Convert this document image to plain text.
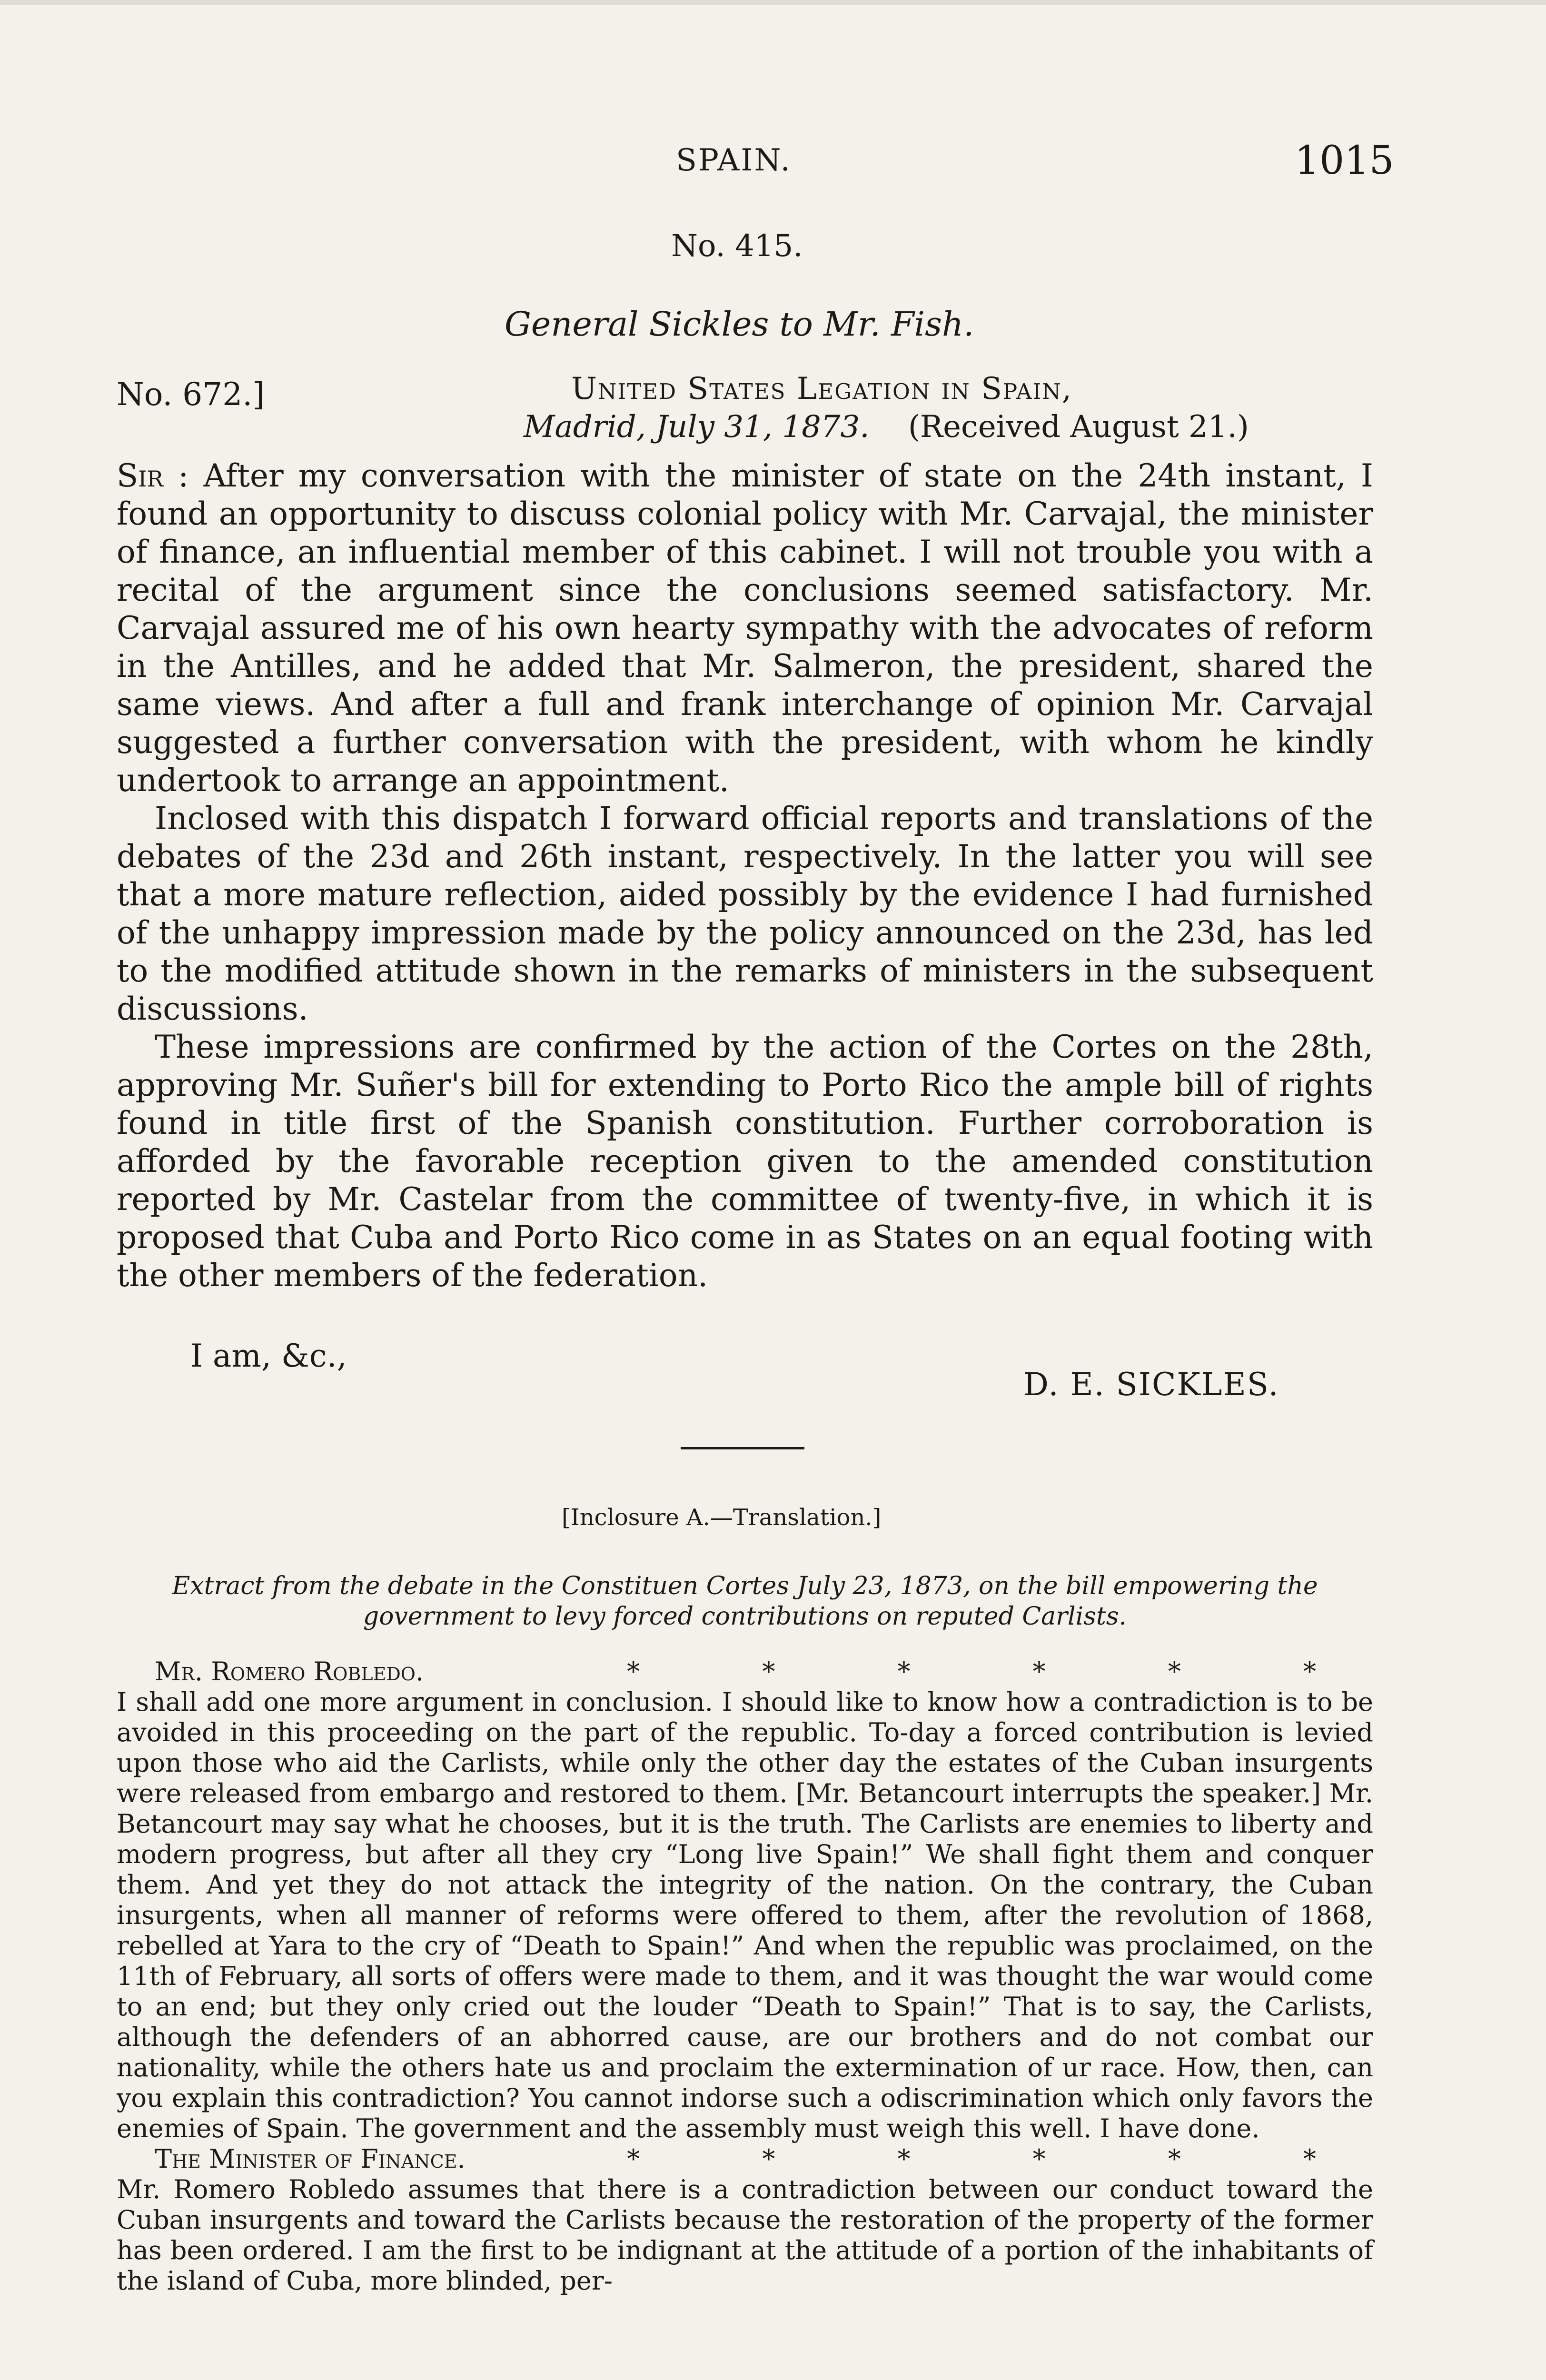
SPAIN.	1015
No. 415.
General Sickles to Mr. Fish.
No. 672.]	United States Legation in Spain,
Madrid, July 31, 1873. (Received August 21.)

Sir : After my conversation with the minister of state on the 24th instant, I found an opportunity to discuss colonial policy with Mr. Carvajal, the minister of finance, an influential member of this cabinet. I will not trouble you with a recital of the argument since the conclusions seemed satisfactory. Mr. Carvajal assured me of his own hearty sympathy with the advocates of reform in the Antilles, and he added that Mr. Salmeron, the president, shared the same views. And after a full and frank interchange of opinion Mr. Carvajal suggested a further conversation with the president, with whom he kindly undertook to arrange an appointment.

Inclosed with this dispatch I forward official reports and translations of the debates of the 23d and 26th instant, respectively. In the latter you will see that a more mature reflection, aided possibly by the evidence I had furnished of the unhappy impression made by the policy announced on the 23d, has led to the modified attitude shown in the remarks of ministers in the subsequent discussions.

These impressions are confirmed by the action of the Cortes on the 28th, approving Mr. Suñer's bill for extending to Porto Rico the ample bill of rights found in title first of the Spanish constitution. Further corroboration is afforded by the favorable reception given to the amended constitution reported by Mr. Castelar from the committee of twenty-five, in which it is proposed that Cuba and Porto Rico come in as States on an equal footing with the other members of the federation.

I am, &c.,
D. E. SICKLES.
[Inclosure A.—Translation.]
Extract from the debate in the Constituen Cortes July 23, 1873, on the bill empowering the government to levy forced contributions on reputed Carlists.

Mr. Romero Robledo.	* * * * * *

I shall add one more argument in conclusion. I should like to know how a contradiction is to be avoided in this proceeding on the part of the republic. To-day a forced contribution is levied upon those who aid the Carlists, while only the other day the estates of the Cuban insurgents were released from embargo and restored to them. [Mr. Betancourt interrupts the speaker.] Mr. Betancourt may say what he chooses, but it is the truth. The Carlists are enemies to liberty and modern progress, but after all they cry “Long live Spain!” We shall fight them and conquer them. And yet they do not attack the integrity of the nation. On the contrary, the Cuban insurgents, when all manner of reforms were offered to them, after the revolution of 1868, rebelled at Yara to the cry of “Death to Spain!” And when the republic was proclaimed, on the 11th of February, all sorts of offers were made to them, and it was thought the war would come to an end; but they only cried out the louder “Death to Spain!” That is to say, the Carlists, although the defenders of an abhorred cause, are our brothers and do not combat our nationality, while the others hate us and proclaim the extermination of ur race. How, then, can you explain this contradiction? You cannot indorse such a odiscrimination which only favors the enemies of Spain. The government and the assembly must weigh this well. I have done.

The Minister of Finance.	* * * * * *

Mr. Romero Robledo assumes that there is a contradiction between our conduct toward the Cuban insurgents and toward the Carlists because the restoration of the property of the former has been ordered. I am the first to be indignant at the attitude of a portion of the inhabitants of the island of Cuba, more blinded, per-
